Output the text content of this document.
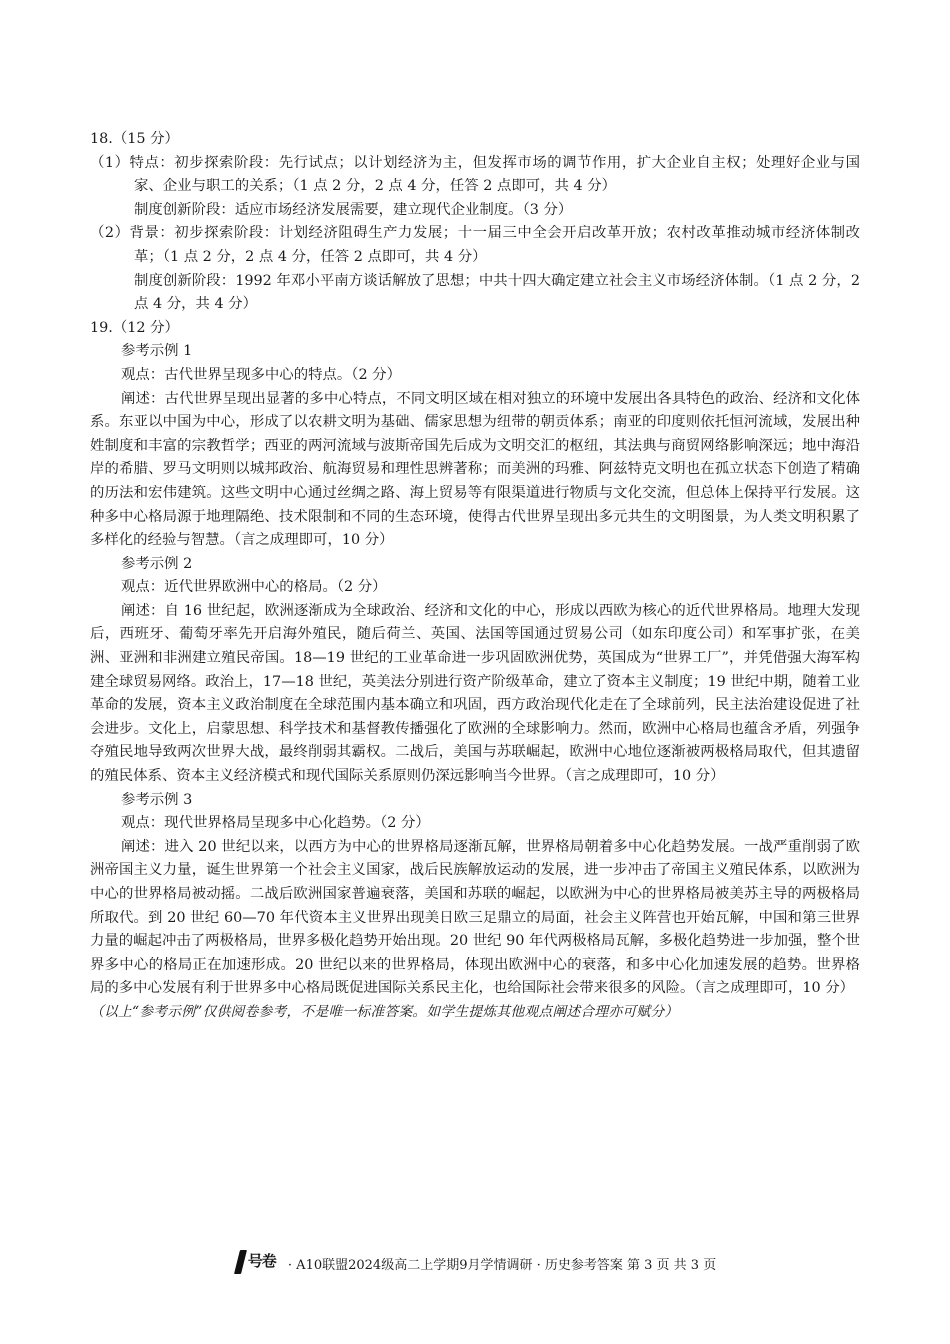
18.（15 分）

（1）特点：初步探索阶段：先行试点；以计划经济为主，但发挥市场的调节作用，扩大企业自主权；处理好企业与国家、企业与职工的关系；（1 点 2 分，2 点 4 分，任答 2 点即可，共 4 分）

制度创新阶段：适应市场经济发展需要，建立现代企业制度。（3 分）

（2）背景：初步探索阶段：计划经济阻碍生产力发展；十一届三中全会开启改革开放；农村改革推动城市经济体制改革；（1 点 2 分，2 点 4 分，任答 2 点即可，共 4 分）

制度创新阶段：1992 年邓小平南方谈话解放了思想；中共十四大确定建立社会主义市场经济体制。（1 点 2 分，2 点 4 分，共 4 分）

19.（12 分）

参考示例 1

观点：古代世界呈现多中心的特点。（2 分）

阐述：古代世界呈现出显著的多中心特点，不同文明区域在相对独立的环境中发展出各具特色的政治、经济和文化体系。东亚以中国为中心，形成了以农耕文明为基础、儒家思想为纽带的朝贡体系；南亚的印度则依托恒河流域，发展出种姓制度和丰富的宗教哲学；西亚的两河流域与波斯帝国先后成为文明交汇的枢纽，其法典与商贸网络影响深远；地中海沿岸的希腊、罗马文明则以城邦政治、航海贸易和理性思辨著称；而美洲的玛雅、阿兹特克文明也在孤立状态下创造了精确的历法和宏伟建筑。这些文明中心通过丝绸之路、海上贸易等有限渠道进行物质与文化交流，但总体上保持平行发展。这种多中心格局源于地理隔绝、技术限制和不同的生态环境，使得古代世界呈现出多元共生的文明图景，为人类文明积累了多样化的经验与智慧。（言之成理即可，10 分）

参考示例 2

观点：近代世界欧洲中心的格局。（2 分）

阐述：自 16 世纪起，欧洲逐渐成为全球政治、经济和文化的中心，形成以西欧为核心的近代世界格局。地理大发现后，西班牙、葡萄牙率先开启海外殖民，随后荷兰、英国、法国等国通过贸易公司（如东印度公司）和军事扩张，在美洲、亚洲和非洲建立殖民帝国。18—19 世纪的工业革命进一步巩固欧洲优势，英国成为“世界工厂”，并凭借强大海军构建全球贸易网络。政治上，17—18 世纪，英美法分别进行资产阶级革命，建立了资本主义制度；19 世纪中期，随着工业革命的发展，资本主义政治制度在全球范围内基本确立和巩固，西方政治现代化走在了全球前列，民主法治建设促进了社会进步。文化上，启蒙思想、科学技术和基督教传播强化了欧洲的全球影响力。然而，欧洲中心格局也蕴含矛盾，列强争夺殖民地导致两次世界大战，最终削弱其霸权。二战后，美国与苏联崛起，欧洲中心地位逐渐被两极格局取代，但其遗留的殖民体系、资本主义经济模式和现代国际关系原则仍深远影响当今世界。（言之成理即可，10 分）

参考示例 3

观点：现代世界格局呈现多中心化趋势。（2 分）

阐述：进入 20 世纪以来，以西方为中心的世界格局逐渐瓦解，世界格局朝着多中心化趋势发展。一战严重削弱了欧洲帝国主义力量，诞生世界第一个社会主义国家，战后民族解放运动的发展，进一步冲击了帝国主义殖民体系，以欧洲为中心的世界格局被动摇。二战后欧洲国家普遍衰落，美国和苏联的崛起，以欧洲为中心的世界格局被美苏主导的两极格局所取代。到 20 世纪 60—70 年代资本主义世界出现美日欧三足鼎立的局面，社会主义阵营也开始瓦解，中国和第三世界力量的崛起冲击了两极格局，世界多极化趋势开始出现。20 世纪 90 年代两极格局瓦解，多极化趋势进一步加强，整个世界多中心的格局正在加速形成。20 世纪以来的世界格局，体现出欧洲中心的衰落，和多中心化加速发展的趋势。世界格局的多中心发展有利于世界多中心格局既促进国际关系民主化，也给国际社会带来很多的风险。（言之成理即可，10 分）

（以上“参考示例”仅供阅卷参考，不是唯一标准答案。如学生提炼其他观点阐述合理亦可赋分）

号卷 · A10联盟2024级高二上学期9月学情调研 · 历史参考答案 第 3 页 共 3 页
